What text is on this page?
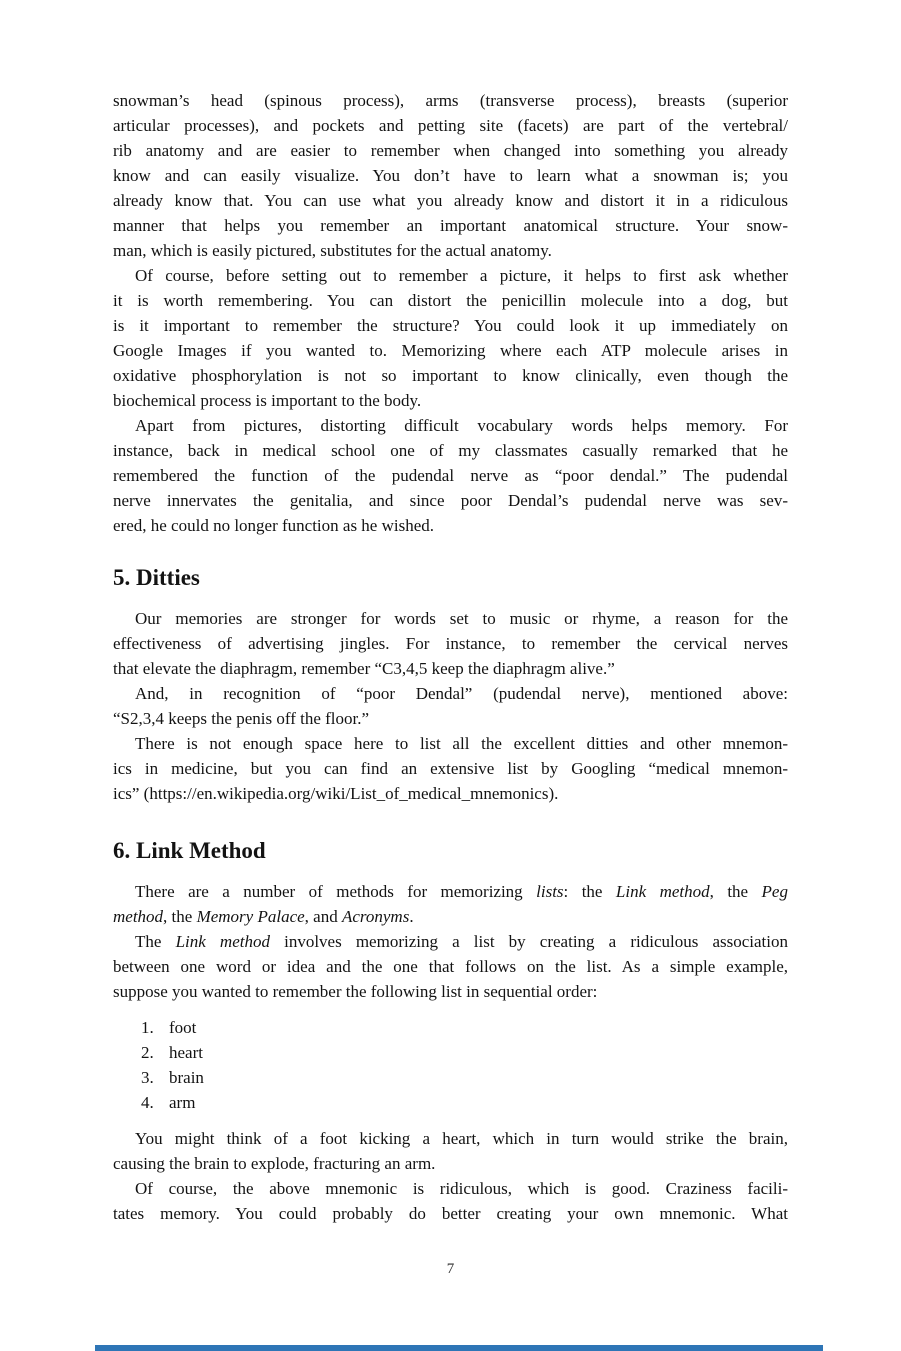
snowman’s head (spinous process), arms (transverse process), breasts (superior
articular processes), and pockets and petting site (facets) are part of the vertebral/
rib anatomy and are easier to remember when changed into something you already
know and can easily visualize. You don’t have to learn what a snowman is; you
already know that. You can use what you already know and distort it in a ridiculous
manner that helps you remember an important anatomical structure. Your snow-
man, which is easily pictured, substitutes for the actual anatomy.
Of course, before setting out to remember a picture, it helps to first ask whether
it is worth remembering. You can distort the penicillin molecule into a dog, but
is it important to remember the structure? You could look it up immediately on
Google Images if you wanted to. Memorizing where each ATP molecule arises in
oxidative phosphorylation is not so important to know clinically, even though the
biochemical process is important to the body.
Apart from pictures, distorting difficult vocabulary words helps memory. For
instance, back in medical school one of my classmates casually remarked that he
remembered the function of the pudendal nerve as “poor dendal.” The pudendal
nerve innervates the genitalia, and since poor Dendal’s pudendal nerve was sev-
ered, he could no longer function as he wished.
5. Ditties
Our memories are stronger for words set to music or rhyme, a reason for the
effectiveness of advertising jingles. For instance, to remember the cervical nerves
that elevate the diaphragm, remember “C3,4,5 keep the diaphragm alive.”
And, in recognition of “poor Dendal” (pudendal nerve), mentioned above:
“S2,3,4 keeps the penis off the floor.”
There is not enough space here to list all the excellent ditties and other mnemon-
ics in medicine, but you can find an extensive list by Googling “medical mnemon-
ics” (https://en.wikipedia.org/wiki/List_of_medical_mnemonics).
6. Link Method
There are a number of methods for memorizing lists: the Link method, the Peg
method, the Memory Palace, and Acronyms.
The Link method involves memorizing a list by creating a ridiculous association
between one word or idea and the one that follows on the list. As a simple example,
suppose you wanted to remember the following list in sequential order:
1. foot
2. heart
3. brain
4. arm
You might think of a foot kicking a heart, which in turn would strike the brain,
causing the brain to explode, fracturing an arm.
Of course, the above mnemonic is ridiculous, which is good. Craziness facili-
tates memory. You could probably do better creating your own mnemonic. What
7
